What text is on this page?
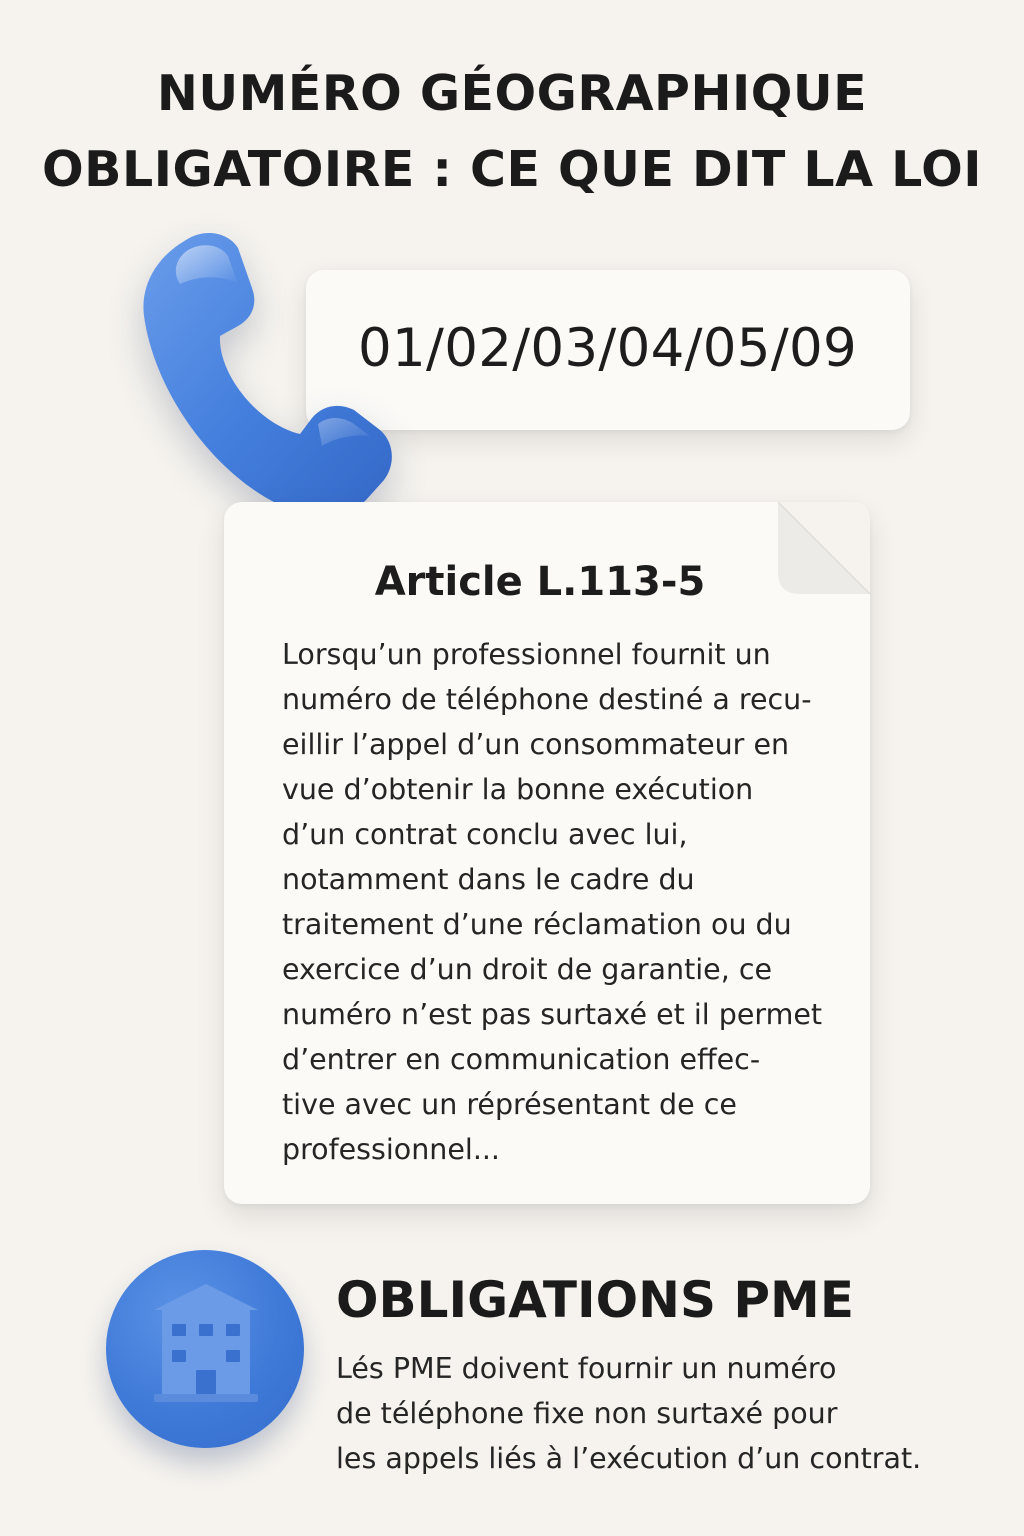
NUMÉRO GÉOGRAPHIQUE
OBLIGATOIRE : CE QUE DIT LA LOI
01/02/03/04/05/09
Article L.113-5

Lorsqu’un professionnel fournit un
numéro de téléphone destiné a recu-
eillir l’appel d’un consommateur en
vue d’obtenir la bonne exécution
d’un contrat conclu avec lui,
notamment dans le cadre du
traitement d’une réclamation ou du
exercice d’un droit de garantie, ce
numéro n’est pas surtaxé et il permet
d’entrer en communication effec-
tive avec un réprésentant de ce
professionnel...

OBLIGATIONS PME

Lés PME doivent fournir un numéro
de téléphone fixe non surtaxé pour
les appels liés à l’exécution d’un contrat.
